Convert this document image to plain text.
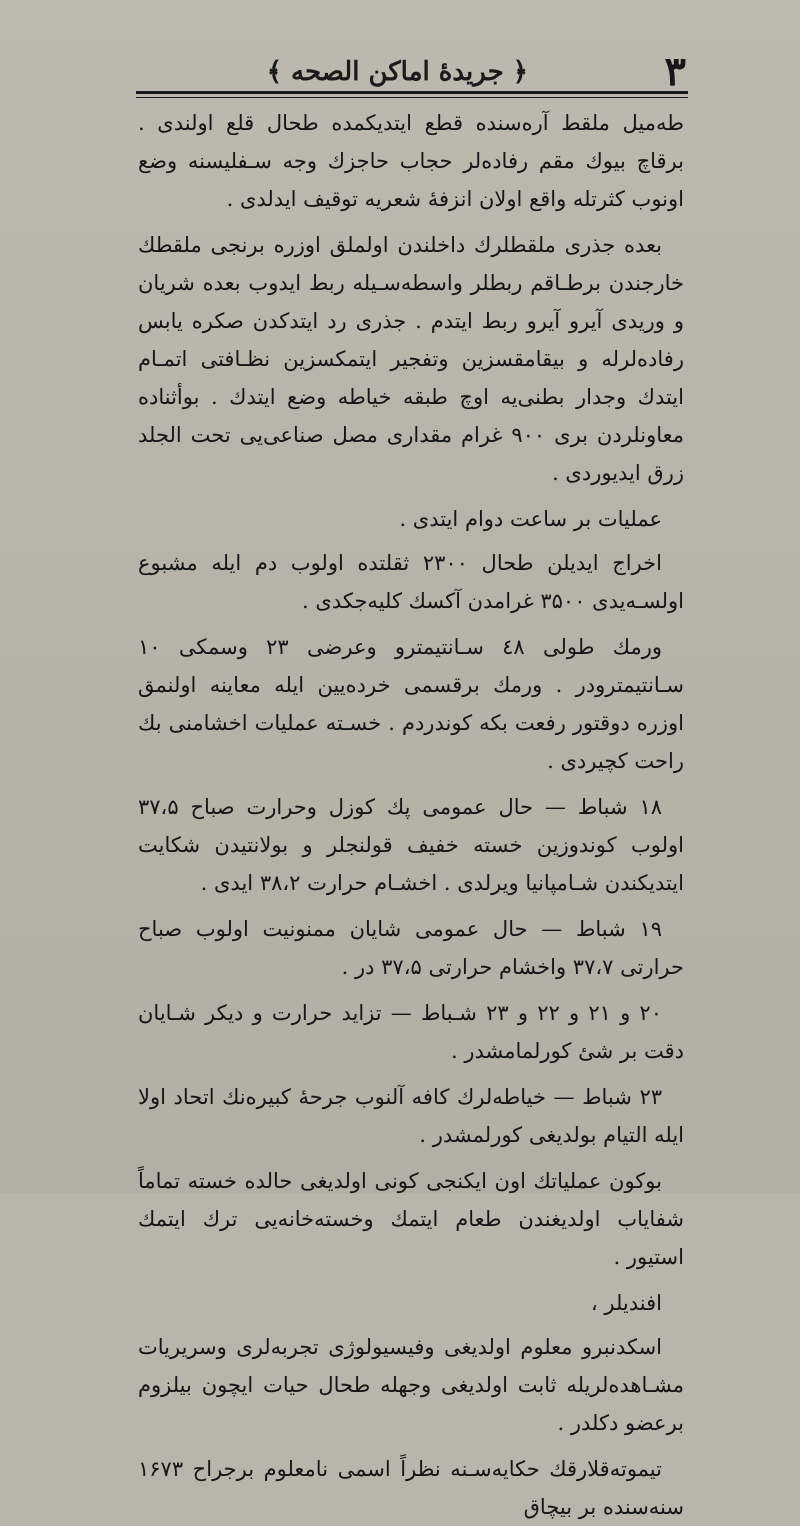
۳
﴿ جريدۀ اماكن الصحه ﴾

طەمیل ملقط آرەسندە قطع ایتدیکمده طحال قلع اولندی . برقاچ بیوك مقم رفادەلر حجاب حاجزك وجه سـفلیسنه وضع اونوب كثرتله واقع اولان انزفۀ شعریه توقیف ایدلدی .

بعده جذری ملقطلرك داخلندن اولملق اوزره برنجی ملقطك خارجندن برطـاقم ربطلر واسطەسـیله ربط ایدوب بعده شریان و وریدی آیرو آیرو ربط ایتدم . جذری رد ایتدكدن صكره یابس رفادەلرله و بیقامقسزین وتفجیر ایتمكسزین نظـافتی اتمـام ایتدك وجدار بطنی‌یه اوچ طبقه خیاطه وضع ایتدك . بوأثناده معاونلردن بری ۹۰۰ غرام مقداری مصل صناعی‌یی تحت الجلد زرق ایدیوردی .

عملیات بر ساعت دوام ایتدی .

اخراج ایدیلن طحال ۲۳۰۰ ثقلتده اولوب دم ایله مشبوع اولسـەیدی ۳۵۰۰ غرامدن آكسك كلیەجكدی .

ورمك طولی ٤۸ سـانتیمترو وعرضی ۲۳ وسمكی ۱۰ سـانتیمترودر . ورمك برقسمی خردەیین ایله معاینه اولنمق اوزره دوقتور رفعت بكه كوندردم . خسـته عملیات اخشامنی بك راحت كچیردی .

۱۸ شباط — حال عمومی پك كوزل وحرارت صباح ۳۷،۵ اولوب كوندوزین خسته خفیف قولنجلر و بولانتیدن شكایت ایتدیكندن شـامپانیا ویرلدی . اخشـام حرارت ۳۸،۲ ایدی .

۱۹ شباط — حال عمومی شایان ممنونیت اولوب صباح حرارتی ۳۷،۷ واخشام حرارتی ۳۷،۵ در .

۲۰ و ۲۱ و ۲۲ و ۲۳ شـباط — تزاید حرارت و دیكر شـایان دقت بر شئ كورلمامشدر .

۲۳ شباط — خیاطەلرك كافه آلنوب جرحۀ كبیرەنك اتحاد اولا ایله التیام بولدیغی كورلمشدر .

بوكون عملیاتك اون ایكنجی كونی اولدیغی حالده خسته تماماً شفایاب اولدیغندن طعام ایتمك وخستەخانەیی ترك ایتمك استیور .

افندیلر ،

اسكدنبرو معلوم اولدیغی وفیسیولوژی تجربەلری وسریریات مشـاهدەلریله ثابت اولدیغی وجهله طحال حیات ایچون بیلزوم برعضو دكلدر .

تیموتەقلارقك حكایەسـنه نظراً اسمی نامعلوم برجراح ۱۶۷۳ سنەسنده بر بیچاق
